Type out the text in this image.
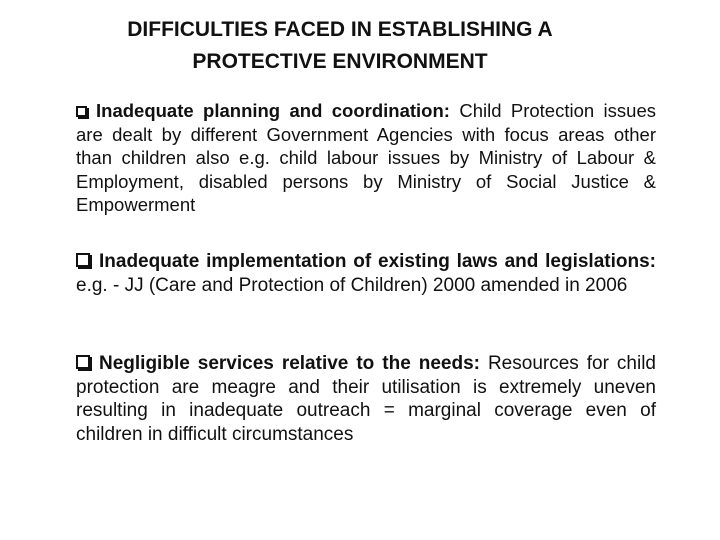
DIFFICULTIES FACED IN ESTABLISHING A
PROTECTIVE ENVIRONMENT
Inadequate planning and coordination: Child Protection issues are dealt by different Government Agencies with focus areas other than children also e.g. child labour issues by Ministry of Labour & Employment, disabled persons by Ministry of Social Justice & Empowerment
Inadequate implementation of existing laws and legislations: e.g. - JJ (Care and Protection of Children) 2000 amended in 2006
Negligible services relative to the needs: Resources for child protection are meagre and their utilisation is extremely uneven resulting in inadequate outreach = marginal coverage even of children in difficult circumstances
